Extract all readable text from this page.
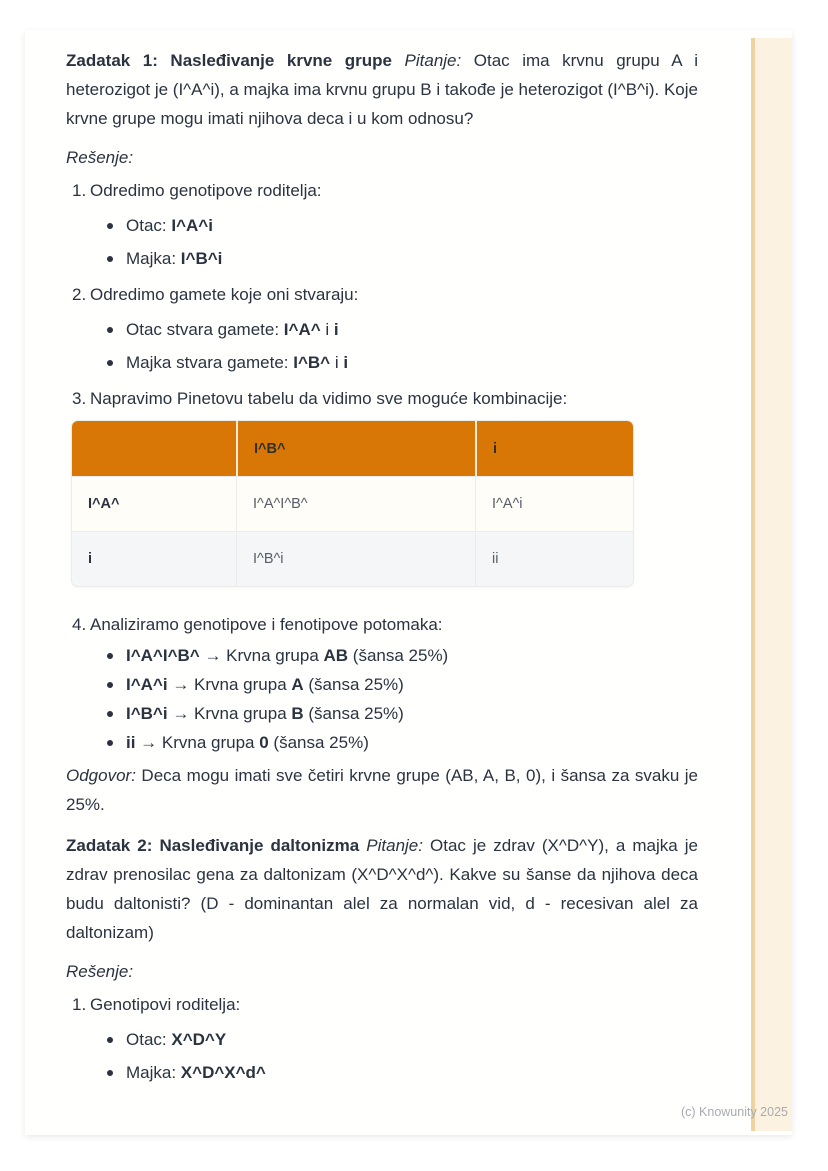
Zadatak 1: Nasleđivanje krvne grupe Pitanje: Otac ima krvnu grupu A i heterozigot je (I^A^i), a majka ima krvnu grupu B i takođe je heterozigot (I^B^i). Koje krvne grupe mogu imati njihova deca i u kom odnosu?

Rešenje:

1. Odredimo genotipove roditelja:
Otac: I^A^i
Majka: I^B^i
2. Odredimo gamete koje oni stvaraju:
Otac stvara gamete: I^A^ i i
Majka stvara gamete: I^B^ i i
3. Napravimo Pinetovu tabelu da vidimo sve moguće kombinacije:
	I^B^	i
I^A^	I^A^I^B^	I^A^i
i	I^B^i	ii
4. Analiziramo genotipove i fenotipove potomaka:
I^A^I^B^ → Krvna grupa AB (šansa 25%)
I^A^i → Krvna grupa A (šansa 25%)
I^B^i → Krvna grupa B (šansa 25%)
ii → Krvna grupa 0 (šansa 25%)

Odgovor: Deca mogu imati sve četiri krvne grupe (AB, A, B, 0), i šansa za svaku je 25%.

Zadatak 2: Nasleđivanje daltonizma Pitanje: Otac je zdrav (X^D^Y), a majka je zdrav prenosilac gena za daltonizam (X^D^X^d^). Kakve su šanse da njihova deca budu daltonisti? (D - dominantan alel za normalan vid, d - recesivan alel za daltonizam)

Rešenje:

1. Genotipovi roditelja:
Otac: X^D^Y
Majka: X^D^X^d^
(c) Knowunity 2025
